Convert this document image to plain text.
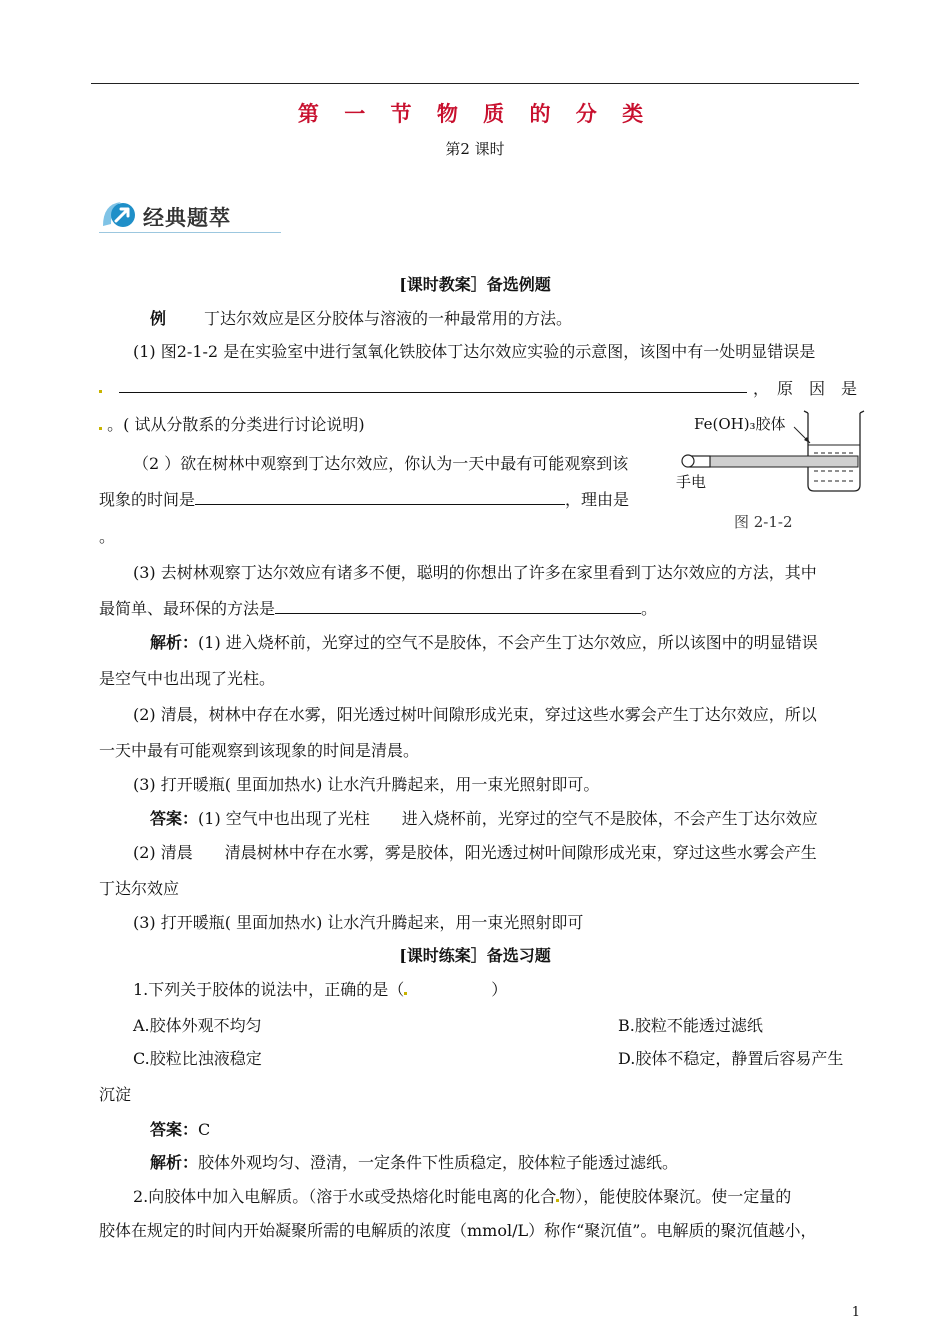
第 一 节 物 质 的 分 类
第2 课时
经典题萃
[课时教案］备选例题
例 丁达尔效应是区分胶体与溶液的一种最常用的方法。
(1) 图2-1-2 是在实验室中进行氢氧化铁胶体丁达尔效应实验的示意图，该图中有一处明显错误是

，　原　因　是
。( 试从分散系的分类进行讨论说明)
（2 ）欲在树林中观察到丁达尔效应，你认为一天中最有可能观察到该
现象的时间是	，理由是
。
Fe(OH)₃胶体
手电
图 2-1-2
(3) 去树林观察丁达尔效应有诸多不便，聪明的你想出了许多在家里看到丁达尔效应的方法，其中
最简单、最环保的方法是	。
解析：(1) 进入烧杯前，光穿过的空气不是胶体，不会产生丁达尔效应，所以该图中的明显错误
是空气中也出现了光柱。
(2) 清晨，树林中存在水雾，阳光透过树叶间隙形成光束，穿过这些水雾会产生丁达尔效应，所以
一天中最有可能观察到该现象的时间是清晨。
(3) 打开暖瓶( 里面加热水) 让水汽升腾起来，用一束光照射即可。
答案：(1) 空气中也出现了光柱　　进入烧杯前，光穿过的空气不是胶体，不会产生丁达尔效应
(2) 清晨　　清晨树林中存在水雾，雾是胶体，阳光透过树叶间隙形成光束，穿过这些水雾会产生
丁达尔效应
(3) 打开暖瓶( 里面加热水) 让水汽升腾起来，用一束光照射即可
[课时练案］备选习题
1.下列关于胶体的说法中，正确的是（	）
A.胶体外观不均匀	B.胶粒不能透过滤纸
C.胶粒比浊液稳定	D.胶体不稳定，静置后容易产生
沉淀
答案：C
解析：胶体外观均匀、澄清，一定条件下性质稳定，胶体粒子能透过滤纸。
2.向胶体中加入电解质。（溶于水或受热熔化时能电离的化合 物），能使胶体聚沉。使一定量的
胶体在规定的时间内开始凝聚所需的电解质的浓度（mmol/L）称作“聚沉值”。电解质的聚沉值越小，
1
